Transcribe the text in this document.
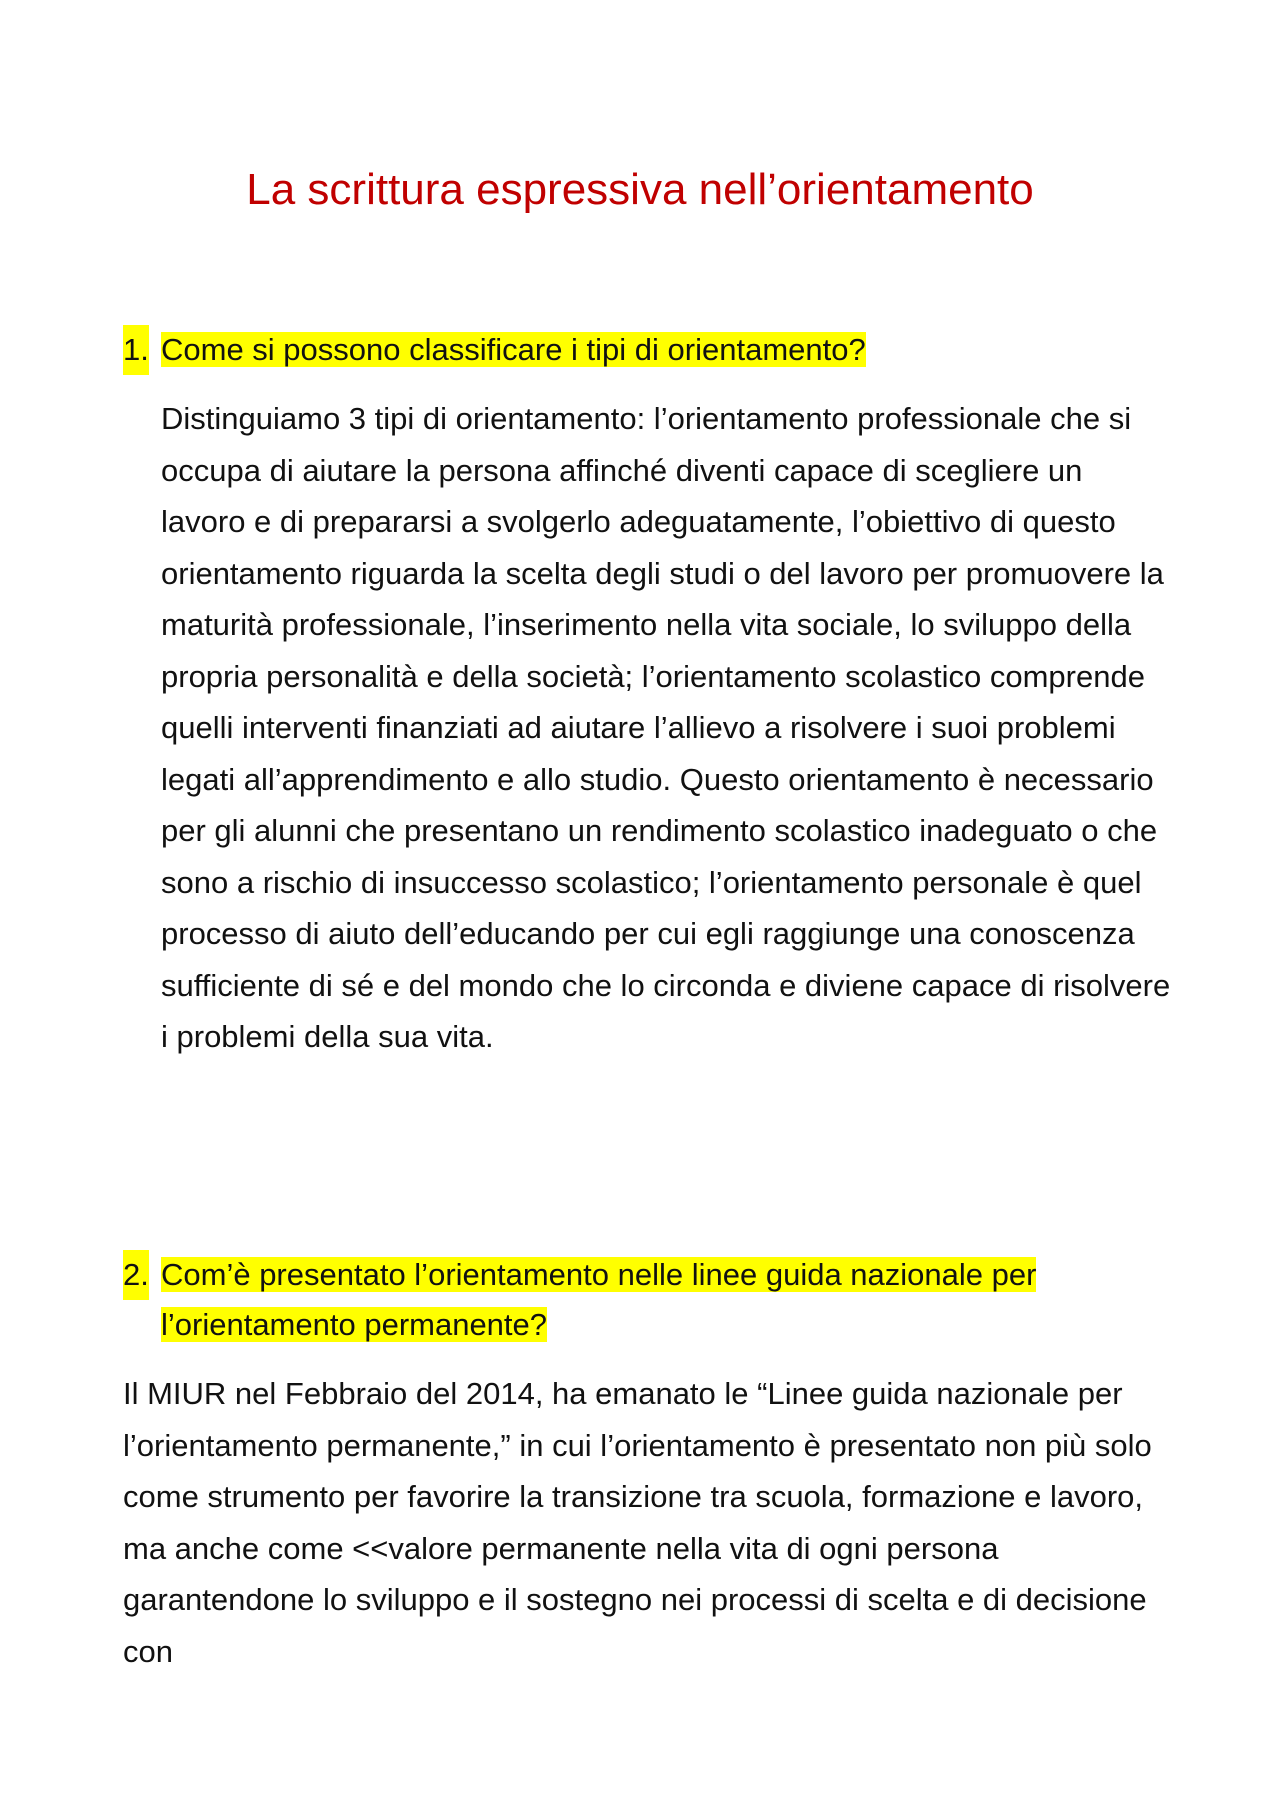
La scrittura espressiva nell’orientamento
1. Come si possono classificare i tipi di orientamento?

Distinguiamo 3 tipi di orientamento: l’orientamento professionale che si occupa di aiutare la persona affinché diventi capace di scegliere un lavoro e di prepararsi a svolgerlo adeguatamente, l’obiettivo di questo orientamento riguarda la scelta degli studi o del lavoro per promuovere la maturità professionale, l’inserimento nella vita sociale, lo sviluppo della propria personalità e della società; l’orientamento scolastico comprende quelli interventi finanziati ad aiutare l’allievo a risolvere i suoi problemi legati all’apprendimento e allo studio. Questo orientamento è necessario per gli alunni che presentano un rendimento scolastico inadeguato o che sono a rischio di insuccesso scolastico; l’orientamento personale è quel processo di aiuto dell’educando per cui egli raggiunge una conoscenza sufficiente di sé e del mondo che lo circonda e diviene capace di risolvere i problemi della sua vita.

2. Com’è presentato l’orientamento nelle linee guida nazionale per l’orientamento permanente?

Il MIUR nel Febbraio del 2014, ha emanato le “Linee guida nazionale per l’orientamento permanente,” in cui l’orientamento è presentato non più solo come strumento per favorire la transizione tra scuola, formazione e lavoro, ma anche come <<valore permanente nella vita di ogni persona garantendone lo sviluppo e il sostegno nei processi di scelta e di decisione con
